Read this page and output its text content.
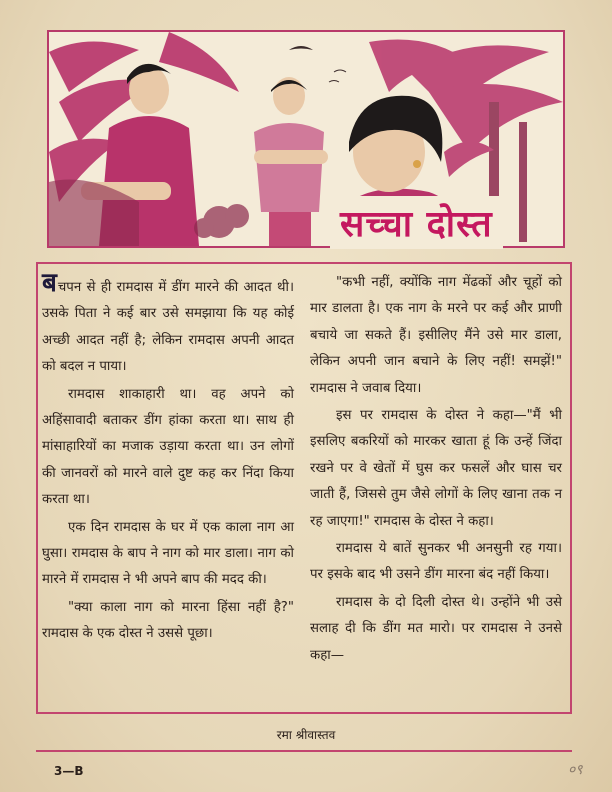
सच्चा दोस्त

बचपन से ही रामदास में डींग मारने की आदत थी। उसके पिता ने कई बार उसे समझाया कि यह कोई अच्छी आदत नहीं है; लेकिन रामदास अपनी आदत को बदल न पाया।

रामदास शाकाहारी था। वह अपने को अहिंसावादी बताकर डींग हांका करता था। साथ ही मांसाहारियों का मजाक उड़ाया करता था। उन लोगों की जानवरों को मारने वाले दुष्ट कह कर निंदा किया करता था।

एक दिन रामदास के घर में एक काला नाग आ घुसा। रामदास के बाप ने नाग को मार डाला। नाग को मारने में रामदास ने भी अपने बाप की मदद की।

"क्या काला नाग को मारना हिंसा नहीं है?" रामदास के एक दोस्त ने उससे पूछा।

"कभी नहीं, क्योंकि नाग मेंढकों और चूहों को मार डालता है। एक नाग के मरने पर कई और प्राणी बचाये जा सकते हैं। इसीलिए मैंने उसे मार डाला, लेकिन अपनी जान बचाने के लिए नहीं! समझें!" रामदास ने जवाब दिया।

इस पर रामदास के दोस्त ने कहा—"मैं भी इसलिए बकरियों को मारकर खाता हूं कि उन्हें जिंदा रखने पर वे खेतों में घुस कर फसलें और घास चर जाती हैं, जिससे तुम जैसे लोगों के लिए खाना तक न रह जाएगा!" रामदास के दोस्त ने कहा।

रामदास ये बातें सुनकर भी अनसुनी रह गया। पर इसके बाद भी उसने डींग मारना बंद नहीं किया।

रामदास के दो दिली दोस्त थे। उन्होंने भी उसे सलाह दी कि डींग मत मारो। पर रामदास ने उनसे कहा—

रमा श्रीवास्तव
3—B	०९
